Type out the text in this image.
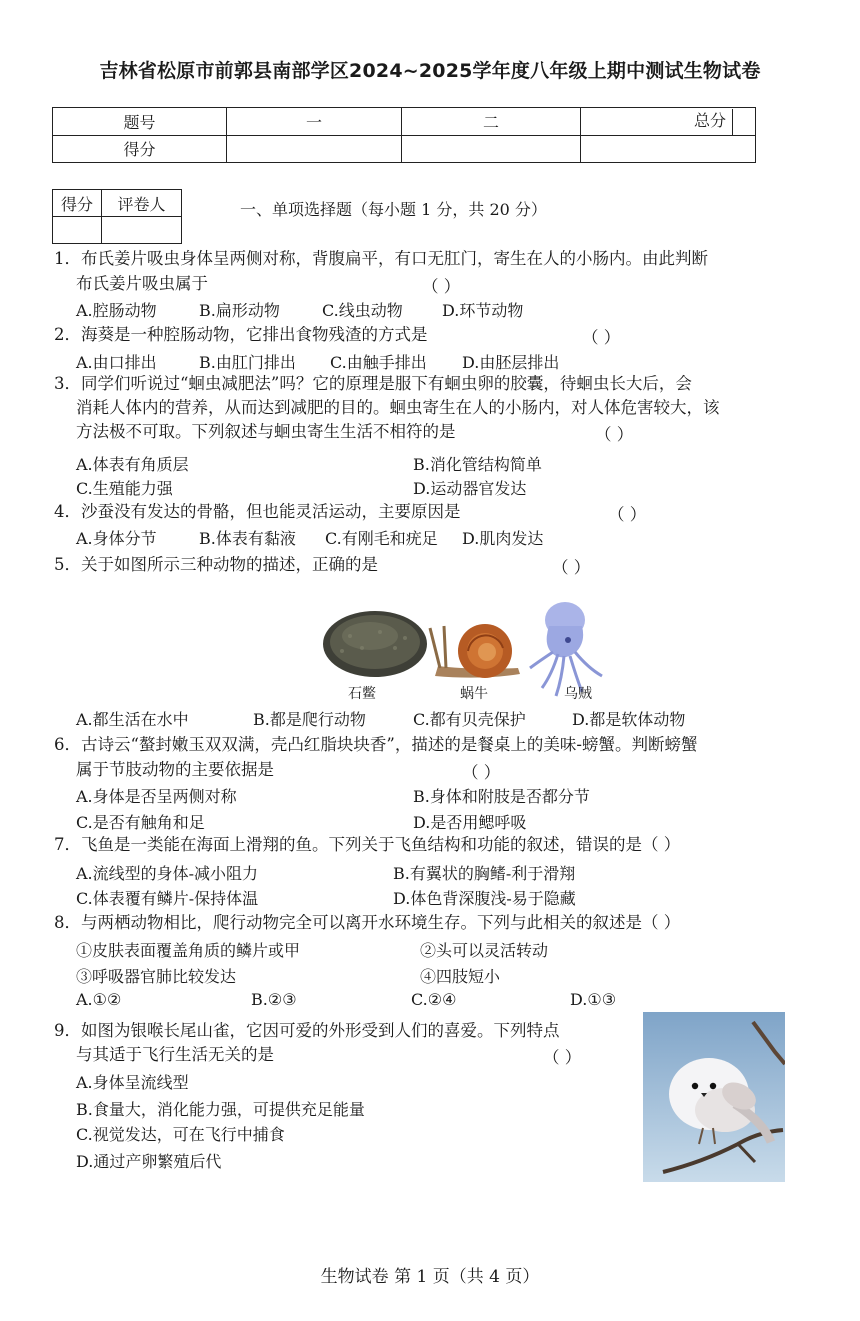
吉林省松原市前郭县南部学区2024~2025学年度八年级上期中测试生物试卷
题号	一	二	总分
得分			
得分	评卷人
		一、单项选择题（每小题 1 分，共 20 分）
1．布氏姜片吸虫身体呈两侧对称，背腹扁平，有口无肛门，寄生在人的小肠内。由此判断
布氏姜片吸虫属于	（ ）
A.腔肠动物	B.扁形动物	C.线虫动物 D.环节动物
2．海葵是一种腔肠动物，它排出食物残渣的方式是	（ ）
A.由口排出	B.由肛门排出 C.由触手排出 D.由胚层排出
3．同学们听说过“蛔虫减肥法”吗？它的原理是服下有蛔虫卵的胶囊，待蛔虫长大后，会
消耗人体内的营养，从而达到减肥的目的。蛔虫寄生在人的小肠内，对人体危害较大，该
方法极不可取。下列叙述与蛔虫寄生生活不相符的是	（ ）
A.体表有角质层	B.消化管结构简单
C.生殖能力强	D.运动器官发达
4．沙蚕没有发达的骨骼，但也能灵活运动，主要原因是	（ ）
A.身体分节	B.体表有黏液 C.有刚毛和疣足 D.肌肉发达
5．关于如图所示三种动物的描述，正确的是	（ ）
石鳖	蜗牛	乌贼
A.都生活在水中	B.都是爬行动物	C.都有贝壳保护	D.都是软体动物
6．古诗云“螯封嫩玉双双满，壳凸红脂块块香”，描述的是餐桌上的美味-螃蟹。判断螃蟹
属于节肢动物的主要依据是	（ ）
A.身体是否呈两侧对称	B.身体和附肢是否都分节
C.是否有触角和足	D.是否用鳃呼吸
7．飞鱼是一类能在海面上滑翔的鱼。下列关于飞鱼结构和功能的叙述，错误的是（ ）
A.流线型的身体-减小阻力	B.有翼状的胸鳍-利于滑翔
C.体表覆有鳞片-保持体温	D.体色背深腹浅-易于隐藏
8．与两栖动物相比，爬行动物完全可以离开水环境生存。下列与此相关的叙述是（ ）
①皮肤表面覆盖角质的鳞片或甲	②头可以灵活转动
③呼吸器官肺比较发达	④四肢短小
A.①②	B.②③	C.②④	D.①③
9．如图为银喉长尾山雀，它因可爱的外形受到人们的喜爱。下列特点
与其适于飞行生活无关的是	（ ）
A.身体呈流线型
B.食量大，消化能力强，可提供充足能量
C.视觉发达，可在飞行中捕食
D.通过产卵繁殖后代
生物试卷 第 1 页（共 4 页）
